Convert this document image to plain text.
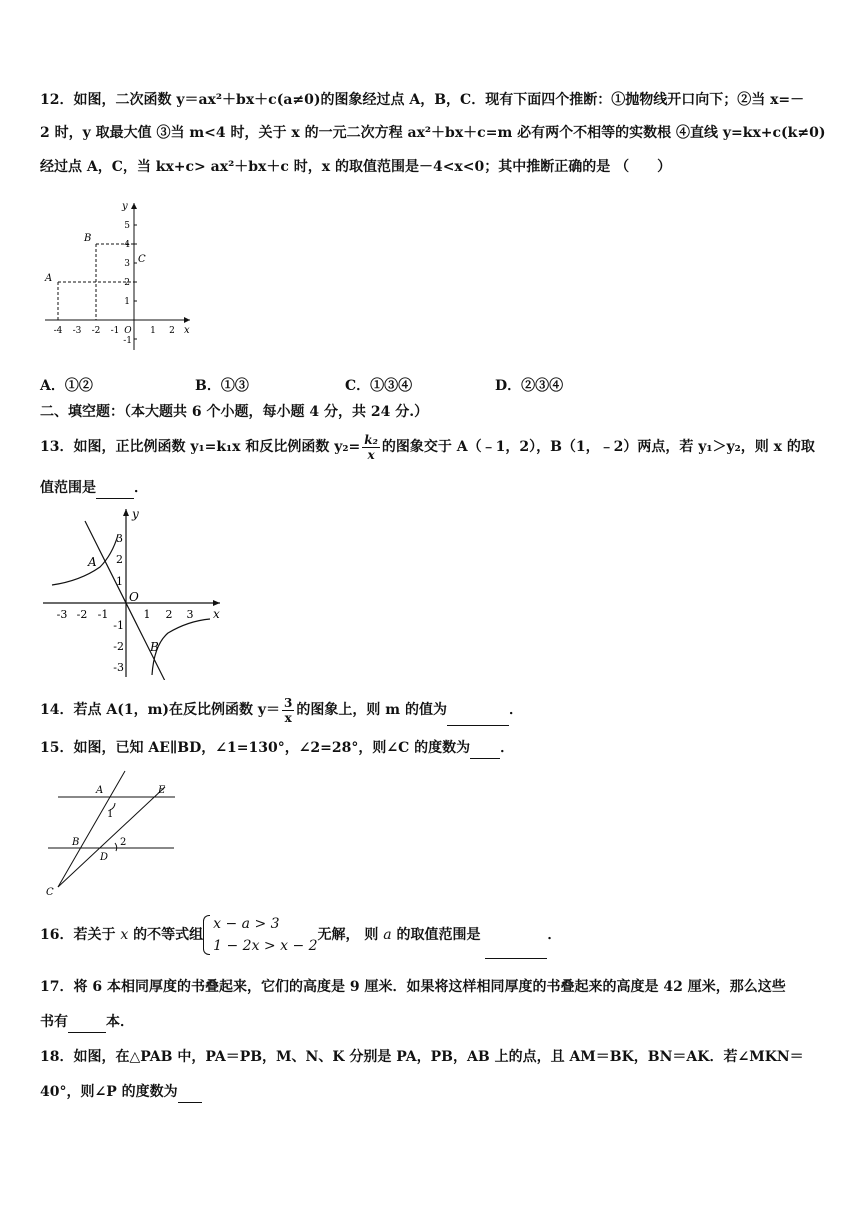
12．如图，二次函数 y＝ax²＋bx＋c(a≠0)的图象经过点 A，B，C．现有下面四个推断：①抛物线开口向下；②当 x=－
2 时，y 取最大值 ③当 m<4 时，关于 x 的一元二次方程 ax²＋bx＋c=m 必有两个不相等的实数根 ④直线 y=kx+c(k≠0)
经过点 A，C，当 kx+c> ax²＋bx＋c 时，x 的取值范围是－4<x<0；其中推断正确的是 （　　）
x
y
5
4
3
2
1
-1
-4 -3 -2 -1 O 1 2
A
B
C
A．①②	B．①③	C．①③④	D．②③④
二、填空题：（本大题共 6 个小题，每小题 4 分，共 24 分.）
13．如图，正比例函数 y₁=k₁x 和反比例函数 $y_2= \frac{\text{k₂}}{x}$ 的图象交于 A（﹣1，2），B（1，﹣2）两点，若 y₁＞y₂，则 x 的取
值范围是	．
x
y
3
2
1
-1
-2
-3
-3 -2 -1	1 2 3
O
A
B
14．若点 A(1，m)在反比例函数 $y= \frac{3}{x}$ 的图象上，则 m 的值为	．
15．如图，已知 AE∥BD，∠1=130°，∠2=28°，则∠C 的度数为 ．
A	E
1
B
D
2
C
16．若关于 x 的不等式组
x − a > 3
1 − 2x > x − 2
无解， 则 a 的取值范围是	．
17．将 6 本相同厚度的书叠起来，它们的高度是 9 厘米．如果将这样相同厚度的书叠起来的高度是 42 厘米，那么这些
书有	本．
18．如图，在△PAB 中，PA＝PB，M、N、K 分别是 PA，PB，AB 上的点，且 AM＝BK，BN＝AK．若∠MKN＝
40°，则∠P 的度数为
